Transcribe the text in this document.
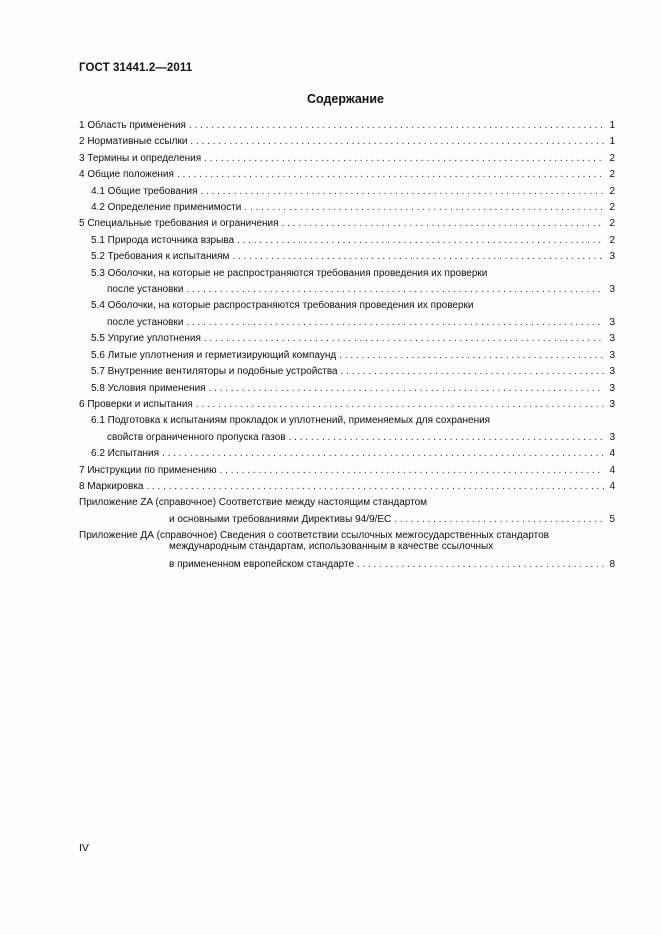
ГОСТ 31441.2—2011
Содержание
1 Область применения . . .	1
2 Нормативные ссылки . . .	1
3 Термины и определения . . .	2
4 Общие положения . . .	2
4.1 Общие требования . . .	2
4.2 Определение применимости . . .	2
5 Специальные требования и ограничения . . .	2
5.1 Природа источника взрыва . . .	2
5.2 Требования к испытаниям . . .	3
5.3 Оболочки, на которые не распространяются требования проведения их проверки
после установки . . .	3
5.4 Оболочки, на которые распространяются требования проведения их проверки
после установки . . .	3
5.5 Упругие уплотнения . . .	3
5.6 Литые уплотнения и герметизирующий компаунд . . .	3
5.7 Внутренние вентиляторы и подобные устройства . . .	3
5.8 Условия применения . . .	3
6 Проверки и испытания . . .	3
6.1 Подготовка к испытаниям прокладок и уплотнений, применяемых для сохранения
свойств ограниченного пропуска газов . . .	3
6.2 Испытания . . .	4
7 Инструкции по применению . . .	4
8 Маркировка . . .	4
Приложение ZA (справочное) Соответствие между настоящим стандартом
и основными требованиями Директивы 94/9/ЕС . . .	5
Приложение ДА (справочное) Сведения о соответствии ссылочных межгосударственных стандартов
международным стандартам, использованным в качестве ссылочных
в примененном европейском стандарте . . .	8
IV
